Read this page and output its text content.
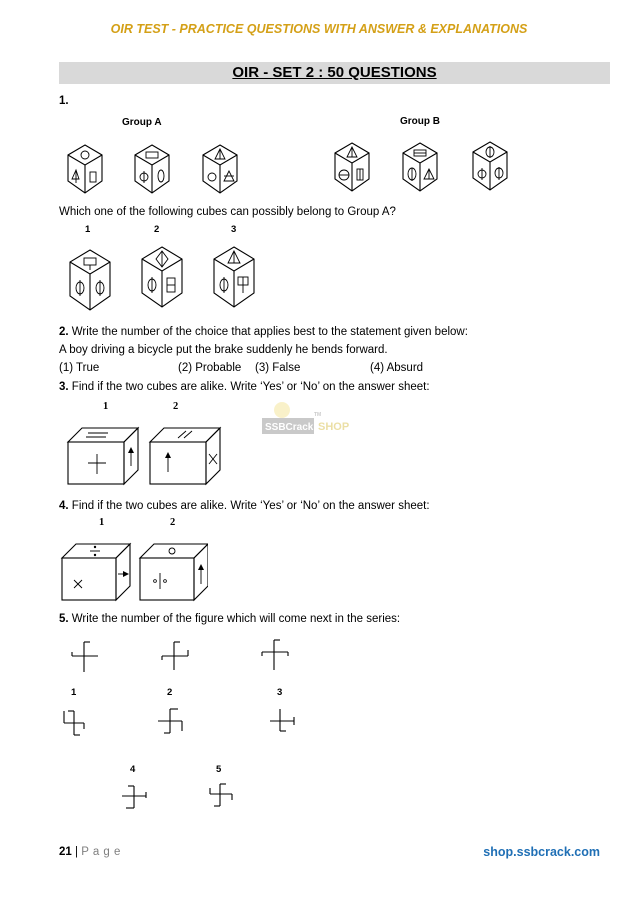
OIR TEST - PRACTICE QUESTIONS WITH ANSWER & EXPLANATIONS
OIR - SET 2 : 50 QUESTIONS
1.
Group A	Group B
Which one of the following cubes can possibly belong to Group A?
1	2	3
2. Write the number of the choice that applies best to the statement given below:
A boy driving a bicycle put the brake suddenly he bends forward.
(1) True	(2) Probable (3) False	(4) Absurd
3. Find if the two cubes are alike. Write ‘Yes’ or ‘No’ on the answer sheet:
1	2
SSBCrack SHOP
TM
4. Find if the two cubes are alike. Write ‘Yes’ or ‘No’ on the answer sheet:
1	2
5. Write the number of the figure which will come next in the series:
1	2	3
4	5
21 | P a g e	shop.ssbcrack.com
